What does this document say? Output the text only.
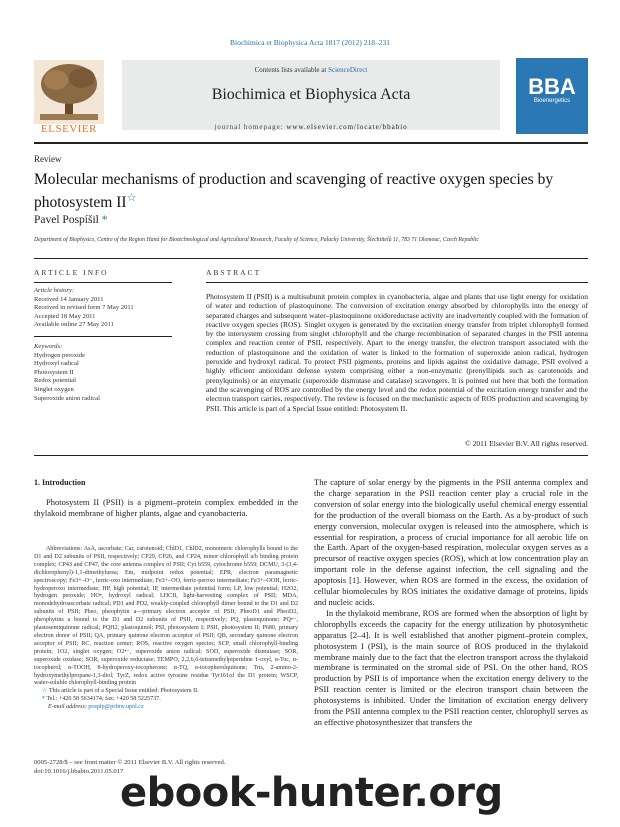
Biochimica et Biophysica Acta 1817 (2012) 218–231
ELSEVIER
Contents lists available at ScienceDirect
Biochimica et Biophysica Acta
journal homepage: www.elsevier.com/locate/bbabio
BBA
Bioenergetics
Review
Molecular mechanisms of production and scavenging of reactive oxygen species by photosystem II☆
Pavel Pospíšil *
Department of Biophysics, Centre of the Region Haná for Biotechnological and Agricultural Research, Faculty of Science, Palacký University, Šlechtitelů 11, 783 71 Olomouc, Czech Republic
ARTICLE INFO
Article history:
Received 14 January 2011
Received in revised form 7 May 2011
Accepted 18 May 2011
Available online 27 May 2011
Keywords:
Hydrogen peroxide
Hydroxyl radical
Photosystem II
Redox potential
Singlet oxygen
Superoxide anion radical
ABSTRACT
Photosystem II (PSII) is a multisubunit protein complex in cyanobacteria, algae and plants that use light energy for oxidation of water and reduction of plastoquinone. The conversion of excitation energy absorbed by chlorophylls into the energy of separated charges and subsequent water–plastoquinone oxidoreductase activity are inadvertently coupled with the formation of reactive oxygen species (ROS). Singlet oxygen is generated by the excitation energy transfer from triplet chlorophyll formed by the intersystem crossing from singlet chlorophyll and the charge recombination of separated charges in the PSII antenna complex and reaction center of PSII, respectively. Apart to the energy transfer, the electron transport associated with the reduction of plastoquinone and the oxidation of water is linked to the formation of superoxide anion radical, hydrogen peroxide and hydroxyl radical. To protect PSII pigments, proteins and lipids against the oxidative damage, PSII evolved a highly efficient antioxidant defense system comprising either a non-enzymatic (prenyllipids such as carotenoids and prenylquinols) or an enzymatic (superoxide dismutase and catalase) scavengers. It is pointed out here that both the formation and the scavenging of ROS are controlled by the energy level and the redox potential of the excitation energy transfer and the electron transport carries, respectively. The review is focused on the mechanistic aspects of ROS production and scavenging by PSII. This article is part of a Special Issue entitled: Photosystem II.
© 2011 Elsevier B.V. All rights reserved.
1. Introduction
Photosystem II (PSII) is a pigment–protein complex embedded in the thylakoid membrane of higher plants, algae and cyanobacteria.

Abbreviations: AsA, ascorbate; Car, carotenoid; ChlD1, ChlD2, monomeric chlorophylls bound to the D1 and D2 subunits of PSII, respectively; CP29, CP26, and CP24, minor chlorophyll a/b binding protein complex; CP43 and CP47, the core antenna complex of PSII; Cyt b559, cytochrome b559; DCMU, 3-(3,4-dichlorophenyl)-1,1-dimethylurea; Em, midpoint redox potential; EPR, electron paramagnetic spectroscopy; Fe3+–O−, ferric-oxo intermediate; Fe3+–OO, ferric-peroxo intermediate; Fe3+–OOH, ferric-hydroperoxo intermediate; HP, high potential; IP, intermediate potential form; LP, low potential; H2O2, hydrogen peroxide; HO•, hydroxyl radical; LHCII, light-harvesting complex of PSII; MDA, monodehydroascorbate radical; PD1 and PD2, weakly-coupled chlorophyll dimer bound to the D1 and D2 subunits of PSII; Pheo, pheophytin a—primary electron acceptor of PSII; PheoD1 and PheoD2, pheophytins a bound to the D1 and D2 subunits of PSII, respectively; PQ, plastoquinone; PQ•−, plastosemiquinone radical; PQH2, plastoquinol; PSI, photosystem I; PSII, photosystem II; P680, primary electron donor of PSII; QA, primary quinone electron acceptor of PSII; QB, secondary quinone electron acceptor of PSII; RC, reaction center; ROS, reactive oxygen species; SCP, small chlorophyll-binding protein; 1O2, singlet oxygen; O2•−, superoxide anion radical; SOD, superoxide dismutase; SOR, superoxide oxidase; SOR, superoxide reductase; TEMPO, 2,2,6,6-tetramethylpiperidine 1-oxyl, α-Toc, α-tocopherol; α-TOOH, 8-hydroperoxy-tocopherone; α-TQ, α-tocopherolquinone; Tris, 2-amino-2-hydroxymethylpropane-1,3-diol; TyrZ, redox active tyrosine residue Tyr161of the D1 protein; WSCP, water-soluble chlorophyll-binding protein

☆ This article is part of a Special Issue entitled: Photosystem II.

* Tel.: +420 58 5634174; fax: +420 58 5225737.

E-mail address: pospip@prfnw.upol.cz

The capture of solar energy by the pigments in the PSII antenna complex and the charge separation in the PSII reaction center play a crucial role in the conversion of solar energy into the biologically useful chemical energy essential for the production of the overall biomass on the Earth. As a by-product of such energy conversion, molecular oxygen is released into the atmosphere, which is essential for respiration, a process of crucial importance for all aerobic life on the Earth. Apart of the oxygen-based respiration, molecular oxygen serves as a precursor of reactive oxygen species (ROS), which at low concentration play an important role in the defense against infection, the cell signaling and the apoptosis [1]. However, when ROS are formed in the excess, the oxidation of cellular biomolecules by ROS initiates the oxidative damage of proteins, lipids and nucleic acids.
In the thylakoid membrane, ROS are formed when the absorption of light by chlorophylls exceeds the capacity for the energy utilization by photosynthetic apparatus [2–4]. It is well established that another pigment–protein complex, photosystem I (PSI), is the main source of ROS produced in the thylakoid membrane mainly due to the fact that the electron transport across the thylakoid membrane is terminated on the stromal side of PSI. On the other hand, ROS production by PSII is of importance when the excitation energy delivery to the PSII reaction center is limited or the electron transport chain between the photosystems is inhibited. Under the limitation of excitation energy delivery from the PSII antenna complex to the PSII reaction center, chlorophyll serves as an effective photosynthesizer that transfers the
0005-2728/$ – see front matter © 2011 Elsevier B.V. All rights reserved.
doi:10.1016/j.bbabio.2011.05.017
ebook-hunter.org
